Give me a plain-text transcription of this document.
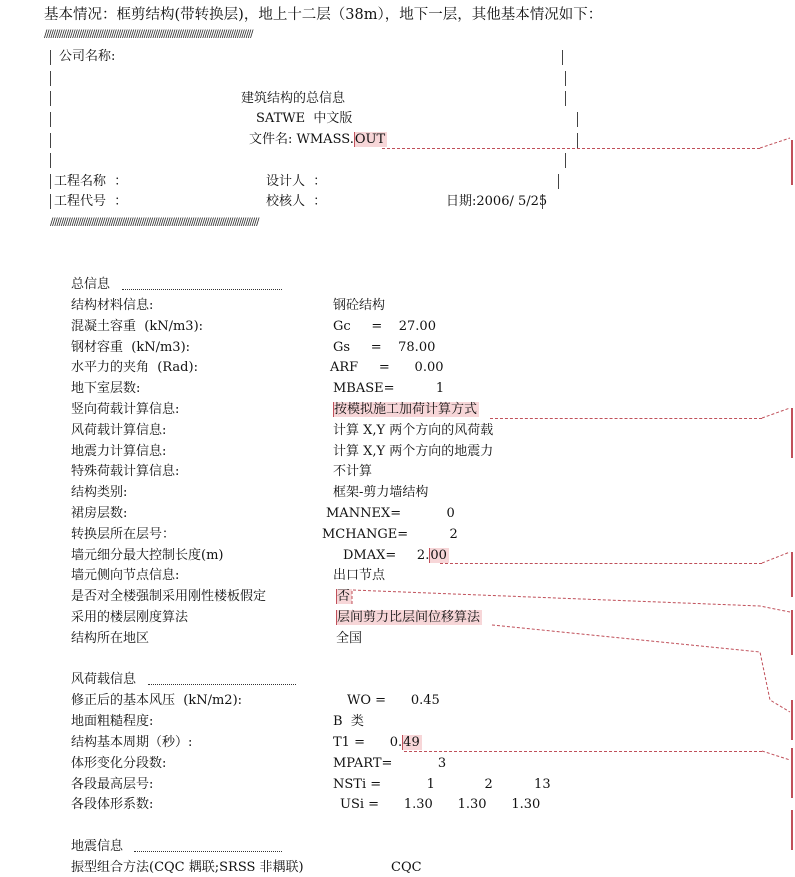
基本情况：框剪结构(带转换层)，地上十二层（38m），地下一层，其他基本情况如下：
////////////////////////////////////////////////////////////////////////////////////////////////
公司名称:
建筑结构的总信息
SATWE  中文版
文件名: WMASS.OUT
工程名称  ：	设计人  ：
工程代号  ：	校核人  ：	日期:2006/ 5/25
////////////////////////////////////////////////////////////////////////////////////////////////
总信息
结构材料信息:	钢砼结构
混凝土容重  (kN/m3):	Gc     =    27.00
钢材容重  (kN/m3):	Gs     =    78.00
水平力的夹角  (Rad):	ARF     =      0.00
地下室层数:	MBASE=          1
竖向荷载计算信息:	按模拟施工加荷计算方式
风荷载计算信息:	计算 X,Y 两个方向的风荷载
地震力计算信息:	计算 X,Y 两个方向的地震力
特殊荷载计算信息:	不计算
结构类别:	框架-剪力墙结构
裙房层数:	MANNEX=           0
转换层所在层号：	MCHANGE=          2
墙元细分最大控制长度(m)	DMAX=     2.00
墙元侧向节点信息:	出口节点
是否对全楼强制采用刚性楼板假定	否
采用的楼层刚度算法	层间剪力比层间位移算法
结构所在地区	全国
风荷载信息
修正后的基本风压  (kN/m2):	WO =      0.45
地面粗糙程度:	B  类
结构基本周期（秒）:	T1 =      0.49
体形变化分段数:	MPART=           3
各段最高层号:	NSTi =           1            2          13
各段体形系数:	USi =      1.30      1.30      1.30
地震信息
振型组合方法(CQC 耦联;SRSS 非耦联)	CQC
